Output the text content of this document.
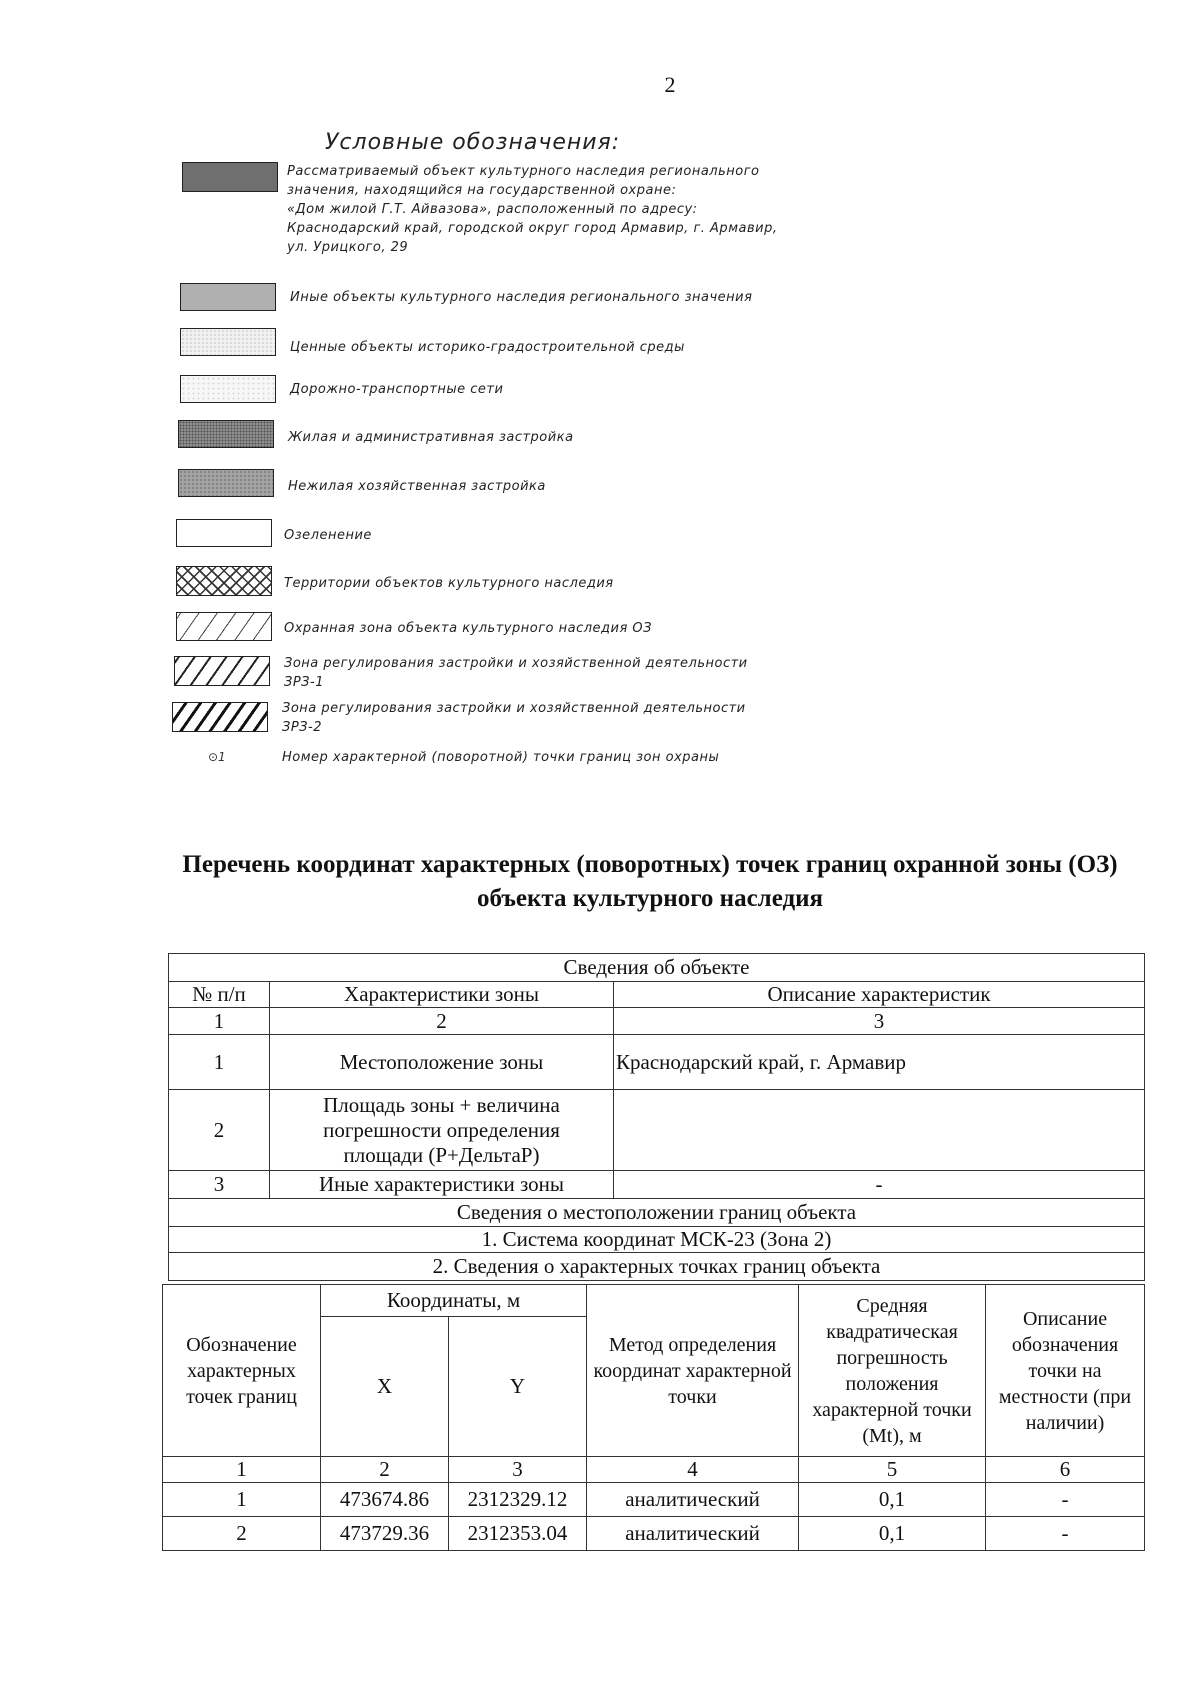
2
Условные обозначения:
Рассматриваемый объект культурного наследия регионального
значения, находящийся на государственной охране:
«Дом жилой Г.Т. Айвазова», расположенный по адресу:
Краснодарский край, городской округ город Армавир, г. Армавир,
ул. Урицкого, 29
Иные объекты культурного наследия регионального значения
Ценные объекты историко-градостроительной среды
Дорожно-транспортные сети
Жилая и административная застройка
Нежилая хозяйственная застройка
Озеленение
Территории объектов культурного наследия
Охранная зона объекта культурного наследия ОЗ
Зона регулирования застройки и хозяйственной деятельности
ЗРЗ-1
Зона регулирования застройки и хозяйственной деятельности
ЗРЗ-2
⊙1	Номер характерной (поворотной) точки границ зон охраны
Перечень координат характерных (поворотных) точек границ охранной зоны (ОЗ) объекта культурного наследия
Сведения об объекте		
№ п/п	Характеристики зоны	Описание характеристик
1	2	3
1	Местоположение зоны	Краснодарский край, г. Армавир
2	Площадь зоны + величина погрешности определения площади (P+ДельтаP)	
3	Иные характеристики зоны	-
Сведения о местоположении границ объекта		
1. Система координат МСК-23 (Зона 2)		
2. Сведения о характерных точках границ объекта		
Обозначение характерных точек границ	Координаты, м		Метод определения координат характерной точки	Средняя квадратическая погрешность положения характерной точки (Mt), м	Описание обозначения точки на местности (при наличии)
	X	Y			
1	2	3	4	5	6
1	473674.86	2312329.12	аналитический	0,1	-
2	473729.36	2312353.04	аналитический	0,1	-
